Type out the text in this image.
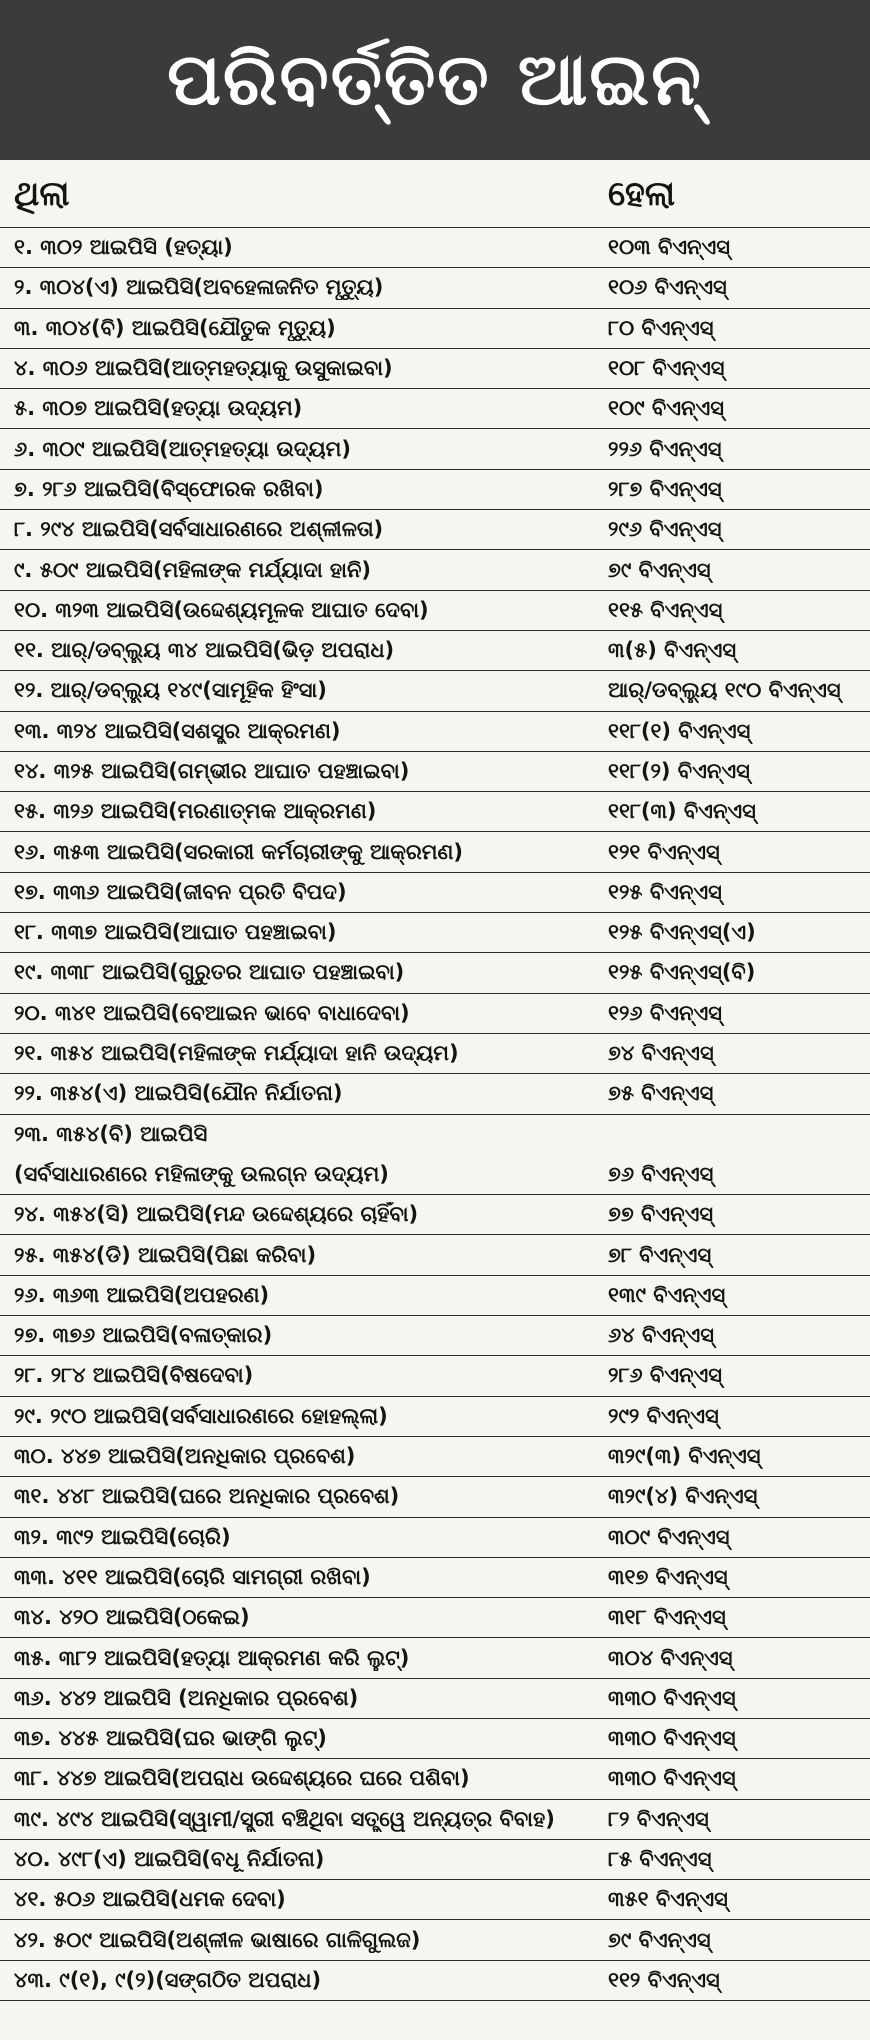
ପରିବର୍ତ୍ତିତ ଆଇନ୍
ଥିଲା	ହେଲା
୧. ୩୦୨ ଆଇପିସି (ହତ୍ୟା)	୧୦୩ ବିଏନ୍ଏସ୍
୨. ୩୦୪(ଏ) ଆଇପିସି(ଅବହେଳାଜନିତ ମୃତ୍ୟୁ)	୧୦୬ ବିଏନ୍ଏସ୍
୩. ୩୦୪(ବି) ଆଇପିସି(ଯୌତୁକ ମୃତ୍ୟୁ)	୮୦ ବିଏନ୍ଏସ୍
୪. ୩୦୬ ଆଇପିସି(ଆତ୍ମହତ୍ୟାକୁ ଉସୁକାଇବା)	୧୦୮ ବିଏନ୍ଏସ୍
୫. ୩୦୭ ଆଇପିସି(ହତ୍ୟା ଉଦ୍ୟମ)	୧୦୯ ବିଏନ୍ଏସ୍
୬. ୩୦୯ ଆଇପିସି(ଆତ୍ମହତ୍ୟା ଉଦ୍ୟମ)	୨୨୬ ବିଏନ୍ଏସ୍
୭. ୨୮୬ ଆଇପିସି(ବିସ୍ଫୋରକ ରଖିବା)	୨୮୭ ବିଏନ୍ଏସ୍
୮. ୨୯୪ ଆଇପିସି(ସର୍ବସାଧାରଣରେ ଅଶ୍ଳୀଳତା)	୨୯୬ ବିଏନ୍ଏସ୍
୯. ୫୦୯ ଆଇପିସି(ମହିଳାଙ୍କ ମର୍ଯ୍ୟାଦା ହାନି)	୭୯ ବିଏନ୍ଏସ୍
୧୦. ୩୨୩ ଆଇପିସି(ଉଦ୍ଦେଶ୍ୟମୂଳକ ଆଘାତ ଦେବା)	୧୧୫ ବିଏନ୍ଏସ୍
୧୧. ଆର୍/ଡବ୍ଲ୍ୟୁ ୩୪ ଆଇପିସି(ଭିଡ଼ ଅପରାଧ)	୩(୫) ବିଏନ୍ଏସ୍
୧୨. ଆର୍/ଡବ୍ଲ୍ୟୁ ୧୪୯(ସାମୂହିକ ହିଂସା)	ଆର୍/ଡବ୍ଲ୍ୟୁ ୧୯୦ ବିଏନ୍ଏସ୍
୧୩. ୩୨୪ ଆଇପିସି(ସଶସ୍ତ୍ର ଆକ୍ରମଣ)	୧୧୮(୧) ବିଏନ୍ଏସ୍
୧୪. ୩୨୫ ଆଇପିସି(ଗମ୍ଭୀର ଆଘାତ ପହଞ୍ଚାଇବା)	୧୧୮(୨) ବିଏନ୍ଏସ୍
୧୫. ୩୨୬ ଆଇପିସି(ମରଣାତ୍ମକ ଆକ୍ରମଣ)	୧୧୮(୩) ବିଏନ୍ଏସ୍
୧୬. ୩୫୩ ଆଇପିସି(ସରକାରୀ କର୍ମଚାରୀଙ୍କୁ ଆକ୍ରମଣ)	୧୨୧ ବିଏନ୍ଏସ୍
୧୭. ୩୩୬ ଆଇପିସି(ଜୀବନ ପ୍ରତି ବିପଦ)	୧୨୫ ବିଏନ୍ଏସ୍
୧୮. ୩୩୭ ଆଇପିସି(ଆଘାତ ପହଞ୍ଚାଇବା)	୧୨୫ ବିଏନ୍ଏସ୍(ଏ)
୧୯. ୩୩୮ ଆଇପିସି(ଗୁରୁତର ଆଘାତ ପହଞ୍ଚାଇବା)	୧୨୫ ବିଏନ୍ଏସ୍(ବି)
୨୦. ୩୪୧ ଆଇପିସି(ବେଆଇନ ଭାବେ ବାଧାଦେବା)	୧୨୬ ବିଏନ୍ଏସ୍
୨୧. ୩୫୪ ଆଇପିସି(ମହିଳାଙ୍କ ମର୍ଯ୍ୟାଦା ହାନି ଉଦ୍ୟମ)	୭୪ ବିଏନ୍ଏସ୍
୨୨. ୩୫୪(ଏ) ଆଇପିସି(ଯୌନ ନିର୍ଯାତନା)	୭୫ ବିଏନ୍ଏସ୍
୨୩. ୩୫୪(ବି) ଆଇପିସି
(ସର୍ବସାଧାରଣରେ ମହିଳାଙ୍କୁ ଉଲଗ୍ନ ଉଦ୍ୟମ)	୭୬ ବିଏନ୍ଏସ୍
୨୪. ୩୫୪(ସି) ଆଇପିସି(ମନ୍ଦ ଉଦ୍ଦେଶ୍ୟରେ ଚାହିଁବା)	୭୭ ବିଏନ୍ଏସ୍
୨୫. ୩୫୪(ଡି) ଆଇପିସି(ପିଛା କରିବା)	୭୮ ବିଏନ୍ଏସ୍
୨୬. ୩୬୩ ଆଇପିସି(ଅପହରଣ)	୧୩୯ ବିଏନ୍ଏସ୍
୨୭. ୩୭୬ ଆଇପିସି(ବଳାତ୍କାର)	୬୪ ବିଏନ୍ଏସ୍
୨୮. ୨୮୪ ଆଇପିସି(ବିଷଦେବା)	୨୮୬ ବିଏନ୍ଏସ୍
୨୯. ୨୯୦ ଆଇପିସି(ସର୍ବସାଧାରଣରେ ହୋହଲ୍ଲା)	୨୯୨ ବିଏନ୍ଏସ୍
୩୦. ୪୪୭ ଆଇପିସି(ଅନଧିକାର ପ୍ରବେଶ)	୩୨୯(୩) ବିଏନ୍ଏସ୍
୩୧. ୪୪୮ ଆଇପିସି(ଘରେ ଅନଧିକାର ପ୍ରବେଶ)	୩୨୯(୪) ବିଏନ୍ଏସ୍
୩୨. ୩୯୨ ଆଇପିସି(ଚୋରି)	୩୦୯ ବିଏନ୍ଏସ୍
୩୩. ୪୧୧ ଆଇପିସି(ଚୋରି ସାମଗ୍ରୀ ରଖିବା)	୩୧୭ ବିଏନ୍ଏସ୍
୩୪. ୪୨୦ ଆଇପିସି(ଠକେଇ)	୩୧୮ ବିଏନ୍ଏସ୍
୩୫. ୩୮୨ ଆଇପିସି(ହତ୍ୟା ଆକ୍ରମଣ କରି ଲୁଟ୍)	୩୦୪ ବିଏନ୍ଏସ୍
୩୬. ୪୪୨ ଆଇପିସି (ଅନଧିକାର ପ୍ରବେଶ)	୩୩୦ ବିଏନ୍ଏସ୍
୩୭. ୪୪୫ ଆଇପିସି(ଘର ଭାଙ୍ଗି ଲୁଟ୍)	୩୩୦ ବିଏନ୍ଏସ୍
୩୮. ୪୪୭ ଆଇପିସି(ଅପରାଧ ଉଦ୍ଦେଶ୍ୟରେ ଘରେ ପଶିବା)	୩୩୦ ବିଏନ୍ଏସ୍
୩୯. ୪୯୪ ଆଇପିସି(ସ୍ୱାମୀ/ସ୍ତ୍ରୀ ବଞ୍ଚିଥିବା ସତ୍ତ୍ୱେ ଅନ୍ୟତ୍ର ବିବାହ)	୮୨ ବିଏନ୍ଏସ୍
୪୦. ୪୯୮(ଏ) ଆଇପିସି(ବଧୂ ନିର୍ଯାତନା)	୮୫ ବିଏନ୍ଏସ୍
୪୧. ୫୦୬ ଆଇପିସି(ଧମକ ଦେବା)	୩୫୧ ବିଏନ୍ଏସ୍
୪୨. ୫୦୯ ଆଇପିସି(ଅଶ୍ଳୀଳ ଭାଷାରେ ଗାଳିଗୁଲଜ)	୭୯ ବିଏନ୍ଏସ୍
୪୩. ୯(୧), ୯(୨)(ସଙ୍ଗଠିତ ଅପରାଧ)	୧୧୨ ବିଏନ୍ଏସ୍
